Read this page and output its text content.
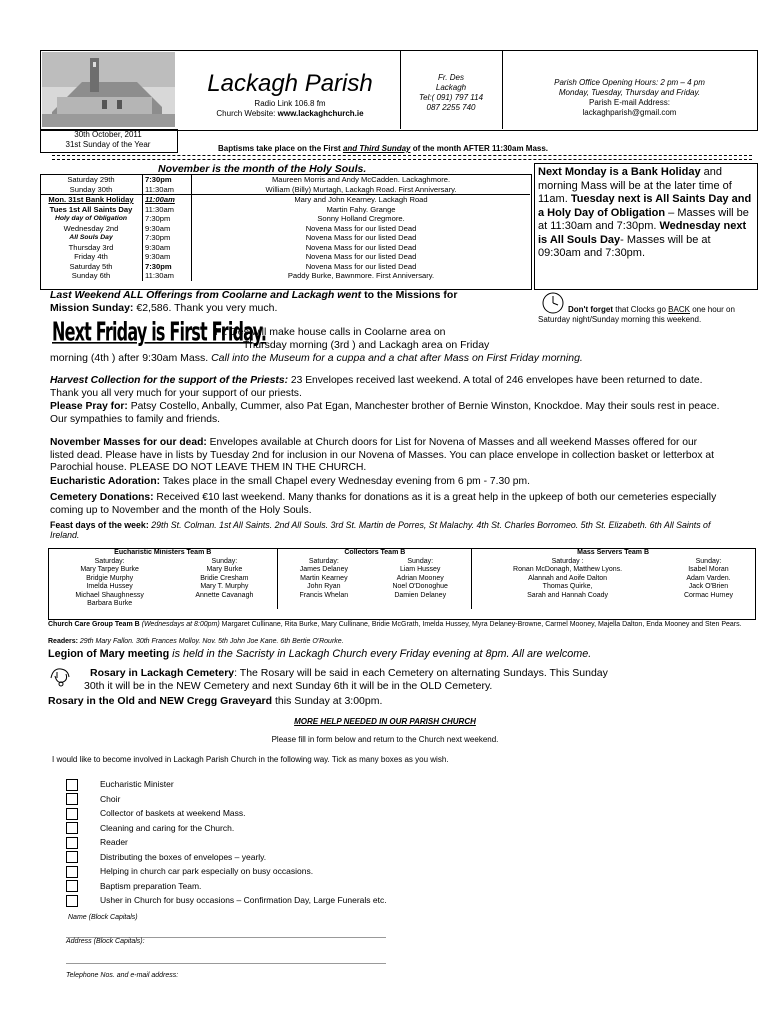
30th October, 2011
31st Sunday of the Year
Lackagh Parish
Radio Link 106.8 fm
Church Website: www.lackaghchurch.ie
Fr. Des
Lackagh
Tel:( 091) 797 114
087 2255 740
Parish Office Opening Hours: 2 pm – 4 pm
Monday, Tuesday, Thursday and Friday.
Parish E-mail Address:
lackaghparish@gmail.com
Baptisms take place on the First and Third Sunday of the month AFTER 11:30am Mass.
November is the month of the Holy Souls.
Saturday 29th	7:30pm	Maureen Morris and Andy McCadden. Lackaghmore.
Sunday 30th	11:30am	William (Billy) Murtagh, Lackagh Road. First Anniversary.
Mon. 31st Bank Holiday	11:00am	Mary and John Kearney. Lackagh Road
Tues 1st All Saints Day	11:30am	Martin Fahy. Grange
Holy day of Obligation	7:30pm	Sonny Holland Cregmore.
Wednesday 2nd	9:30am	Novena Mass for our listed Dead
All Souls Day	7:30pm	Novena Mass for our listed Dead
Thursday 3rd	9:30am	Novena Mass for our listed Dead
Friday 4th	9:30am	Novena Mass for our listed Dead
Saturday 5th	7:30pm	Novena Mass for our listed Dead
Sunday 6th	11:30am	Paddy Burke, Bawnmore. First Anniversary.
Next Monday is a Bank Holiday and morning Mass will be at the later time of 11am. Tuesday next is All Saints Day and a Holy Day of Obligation – Masses will be at 11:30am and 7:30pm. Wednesday next is All Souls Day- Masses will be at 09:30am and 7:30pm.
Don't forget that Clocks go BACK one hour on Saturday night/Sunday morning this weekend.
Last Weekend ALL Offerings from Coolarne and Lackagh went to the Missions for Mission Sunday: €2,586. Thank you very much.
Next Friday is First Friday.
Fr. Des will make house calls in Coolarne area on
Thursday morning (3rd ) and Lackagh area on Friday
morning (4th ) after 9:30am Mass. Call into the Museum for a cuppa and a chat after Mass on First Friday morning.

Harvest Collection for the support of the Priests: 23 Envelopes received last weekend. A total of 246 envelopes have been returned to date. Thank you all very much for your support of our priests.

Please Pray for: Patsy Costello, Anbally, Cummer, also Pat Egan, Manchester brother of Bernie Winston, Knockdoe. May their souls rest in peace. Our sympathies to family and friends.

November Masses for our dead: Envelopes available at Church doors for List for Novena of Masses and all weekend Masses offered for our listed dead. Please have in lists by Tuesday 2nd for inclusion in our Novena of Masses. You can place envelope in collection basket or letterbox at Parochial house. PLEASE DO NOT LEAVE THEM IN THE CHURCH.

Eucharistic Adoration: Takes place in the small Chapel every Wednesday evening from 6 pm - 7.30 pm.

Cemetery Donations: Received €10 last weekend. Many thanks for donations as it is a great help in the upkeep of both our cemeteries especially coming up to November and the month of the Holy Souls.

Feast days of the week: 29th St. Colman. 1st All Saints. 2nd All Souls. 3rd St. Martin de Porres, St Malachy. 4th St. Charles Borromeo. 5th St. Elizabeth. 6th All Saints of Ireland.

Eucharistic Ministers Team B		Collectors Team B		Mass Servers Team B	
Saturday:	Sunday:	Saturday:	Sunday:	Saturday :	Sunday:
Mary Tarpey Burke	Mary Burke	James Delaney	Liam Hussey	Ronan McDonagh, Matthew Lyons.	Isabel Moran
Bridgie Murphy	Bridie Cresham	Martin Kearney	Adrian Mooney	Alannah and Aoife Dalton	Adam Varden.
Imelda Hussey	Mary T. Murphy	John Ryan	Noel O'Donoghue	Thomas Quirke,	Jack O'Brien
Michael Shaughnessy	Annette Cavanagh	Francis Whelan	Damien Delaney	Sarah and Hannah Coady	Cormac Hurney
Barbara Burke					
Church Care Group Team B (Wednesdays at 8:00pm) Margaret Cullinane, Rita Burke, Mary Cullinane, Bridie McGrath, Imelda Hussey, Myra Delaney-Browne, Carmel Mooney, Majella Dalton, Enda Mooney and Sten Pears.
Readers: 29th Mary Fallon. 30th Frances Molloy. Nov. 5th John Joe Kane. 6th Bertie O'Rourke.
Legion of Mary meeting is held in the Sacristy in Lackagh Church every Friday evening at 8pm. All are welcome.
Rosary in Lackagh Cemetery: The Rosary will be said in each Cemetery on alternating Sundays. This Sunday
30th it will be in the NEW Cemetery and next Sunday 6th it will be in the OLD Cemetery.
Rosary in the Old and NEW Cregg Graveyard this Sunday at 3:00pm.
MORE HELP NEEDED IN OUR PARISH CHURCH
Please fill in form below and return to the Church next weekend.
I would like to become involved in Lackagh Parish Church in the following way. Tick as many boxes as you wish.
Eucharistic Minister
Choir
Collector of baskets at weekend Mass.
Cleaning and caring for the Church.
Reader
Distributing the boxes of envelopes – yearly.
Helping in church car park especially on busy occasions.
Baptism preparation Team.
Usher in Church for busy occasions – Confirmation Day, Large Funerals etc.
Name (Block Capitals)
Address (Block Capitals):
Telephone Nos. and e-mail address:
